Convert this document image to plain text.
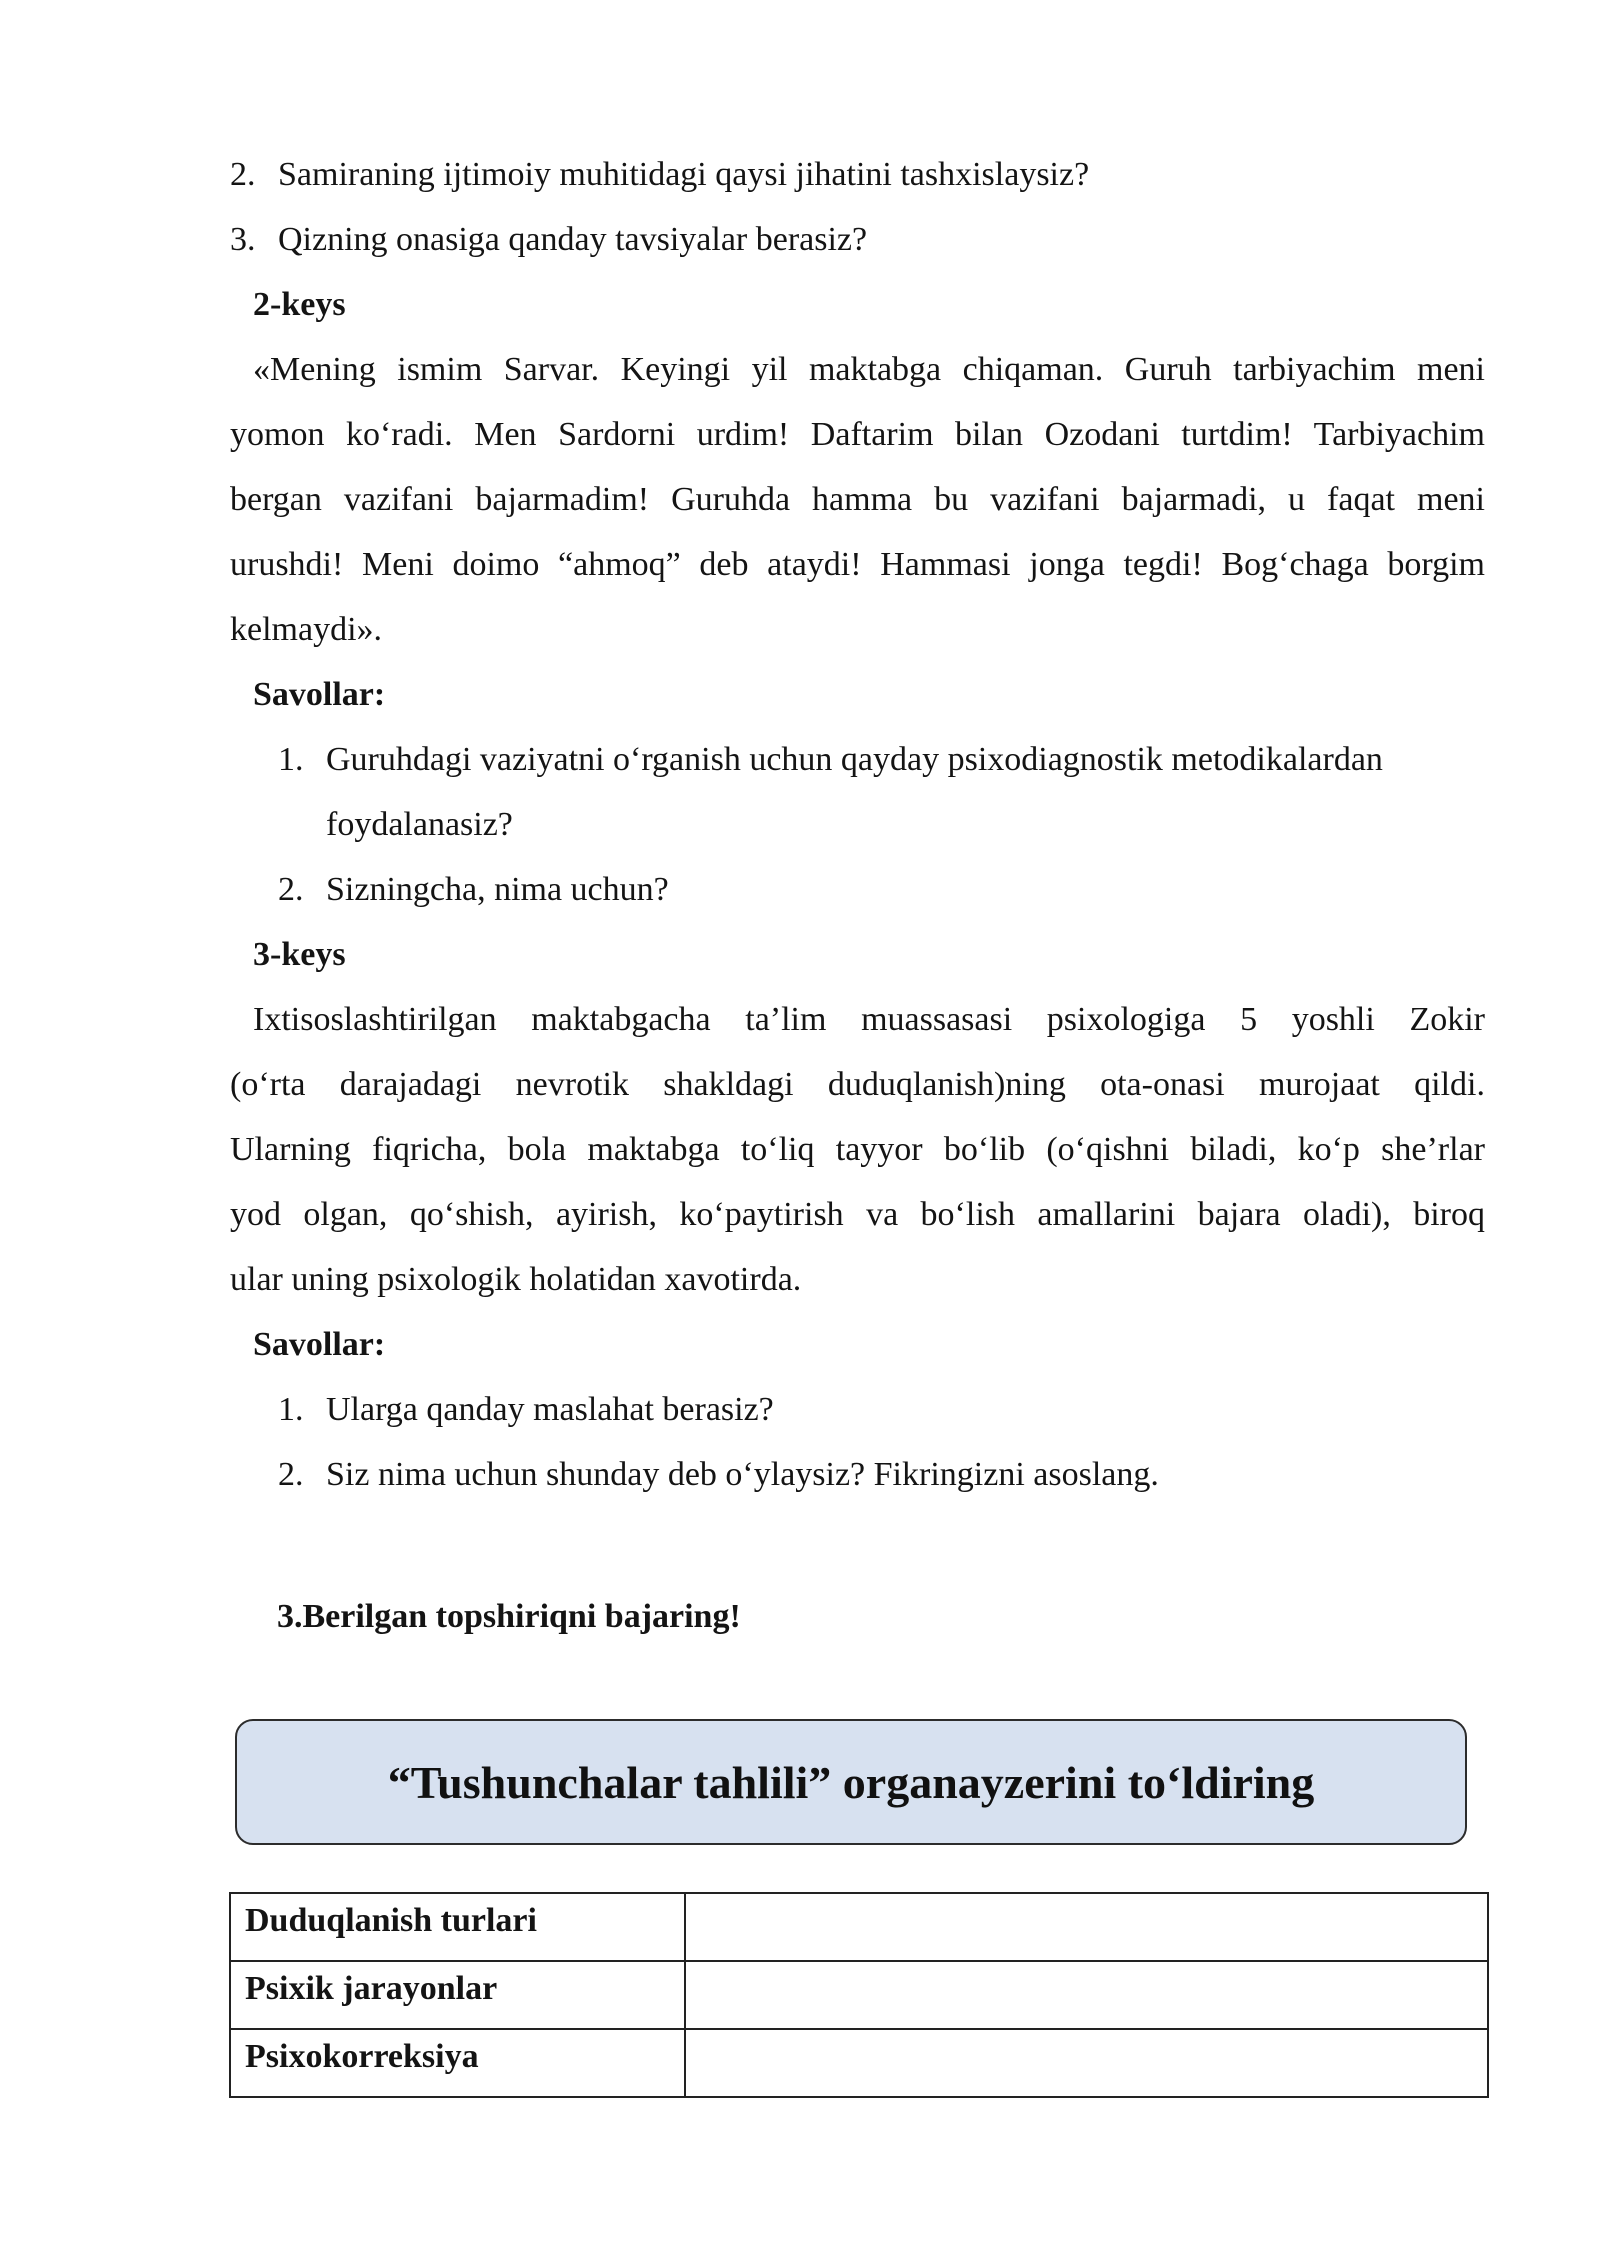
2. Samiraning ijtimoiy muhitidagi qaysi jihatini tashxislaysiz?
3. Qizning onasiga qanday tavsiyalar berasiz?
2-keys
«Mening ismim Sarvar. Keyingi yil maktabga chiqaman. Guruh tarbiyachim meni
yomon ko‘radi. Men Sardorni urdim! Daftarim bilan Ozodani turtdim! Tarbiyachim
bergan vazifani bajarmadim! Guruhda hamma bu vazifani bajarmadi, u faqat meni
urushdi! Meni doimo “ahmoq” deb ataydi! Hammasi jonga tegdi! Bog‘chaga borgim
kelmaydi».
Savollar:
1. Guruhdagi vaziyatni o‘rganish uchun qayday psixodiagnostik metodikalardan
foydalanasiz?
2. Sizningcha, nima uchun?
3-keys
Ixtisoslashtirilgan maktabgacha ta’lim muassasasi psixologiga 5 yoshli Zokir
(o‘rta darajadagi nevrotik shakldagi duduqlanish)ning ota-onasi murojaat qildi.
Ularning fiqricha, bola maktabga to‘liq tayyor bo‘lib (o‘qishni biladi, ko‘p she’rlar
yod olgan, qo‘shish, ayirish, ko‘paytirish va bo‘lish amallarini bajara oladi), biroq
ular uning psixologik holatidan xavotirda.
Savollar:
1. Ularga qanday maslahat berasiz?
2. Siz nima uchun shunday deb o‘ylaysiz? Fikringizni asoslang.
3.Berilgan topshiriqni bajaring!
“Tushunchalar tahlili” organayzerini to‘ldiring
Duduqlanish turlari	
Psixik jarayonlar	
Psixokorreksiya	
